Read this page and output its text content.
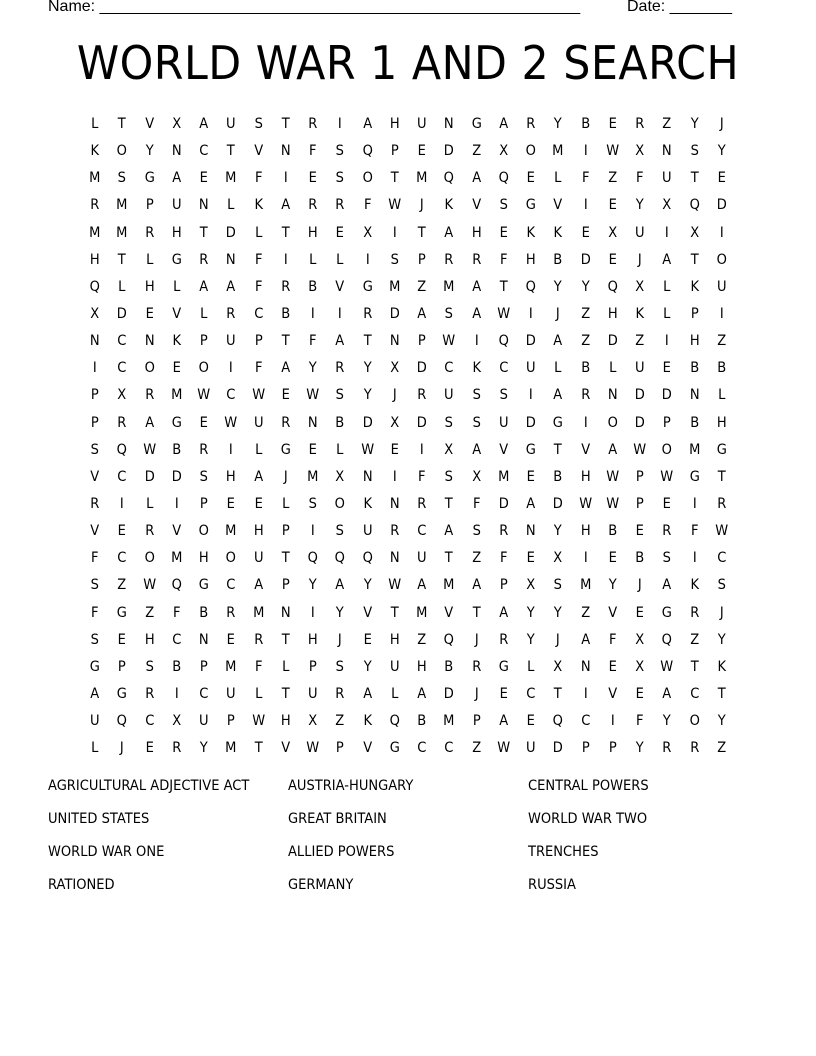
Name: ______________________________________________________	Date: _______
WORLD WAR 1 AND 2 SEARCH
L	T	V	X	A	U	S	T	R	I	A	H	U	N	G	A	R	Y	B	E	R	Z	Y	J
K	O	Y	N	C	T	V	N	F	S	Q	P	E	D	Z	X	O	M	I	W	X	N	S	Y
M	S	G	A	E	M	F	I	E	S	O	T	M	Q	A	Q	E	L	F	Z	F	U	T	E
R	M	P	U	N	L	K	A	R	R	F	W	J	K	V	S	G	V	I	E	Y	X	Q	D
M	M	R	H	T	D	L	T	H	E	X	I	T	A	H	E	K	K	E	X	U	I	X	I
H	T	L	G	R	N	F	I	L	L	I	S	P	R	R	F	H	B	D	E	J	A	T	O
Q	L	H	L	A	A	F	R	B	V	G	M	Z	M	A	T	Q	Y	Y	Q	X	L	K	U
X	D	E	V	L	R	C	B	I	I	R	D	A	S	A	W	I	J	Z	H	K	L	P	I
N	C	N	K	P	U	P	T	F	A	T	N	P	W	I	Q	D	A	Z	D	Z	I	H	Z
I	C	O	E	O	I	F	A	Y	R	Y	X	D	C	K	C	U	L	B	L	U	E	B	B
P	X	R	M	W	C	W	E	W	S	Y	J	R	U	S	S	I	A	R	N	D	D	N	L
P	R	A	G	E	W	U	R	N	B	D	X	D	S	S	U	D	G	I	O	D	P	B	H
S	Q	W	B	R	I	L	G	E	L	W	E	I	X	A	V	G	T	V	A	W	O	M	G
V	C	D	D	S	H	A	J	M	X	N	I	F	S	X	M	E	B	H	W	P	W	G	T
R	I	L	I	P	E	E	L	S	O	K	N	R	T	F	D	A	D	W W	P	E	I	R
V	E	R	V	O	M	H	P	I	S	U	R	C	A	S	R	N	Y	H	B	E	R	F	W
F	C	O	M	H	O	U	T	Q	Q	Q	N	U	T	Z	F	E	X	I	E	B	S	I	C
S	Z	W	Q	G	C	A	P	Y	A	Y	W	A	M	A	P	X	S	M	Y	J	A	K	S
F	G	Z	F	B	R	M	N	I	Y	V	T	M	V	T	A	Y	Y	Z	V	E	G	R	J
S	E	H	C	N	E	R	T	H	J	E	H	Z	Q	J	R	Y	J	A	F	X	Q	Z	Y
G	P	S	B	P	M	F	L	P	S	Y	U	H	B	R	G	L	X	N	E	X	W	T	K
A	G	R	I	C	U	L	T	U	R	A	L	A	D	J	E	C	T	I	V	E	A	C	T
U	Q	C	X	U	P	W	H	X	Z	K	Q	B	M	P	A	E	Q	C	I	F	Y	O	Y
L	J	E	R	Y	M	T	V	W	P	V	G	C	C	Z	W	U	D	P	P	Y	R	R	Z
AGRICULTURAL ADJECTIVE ACT	AUSTRIA-HUNGARY	CENTRAL POWERS
UNITED STATES	GREAT BRITAIN	WORLD WAR TWO
WORLD WAR ONE	ALLIED POWERS	TRENCHES
RATIONED	GERMANY	RUSSIA
